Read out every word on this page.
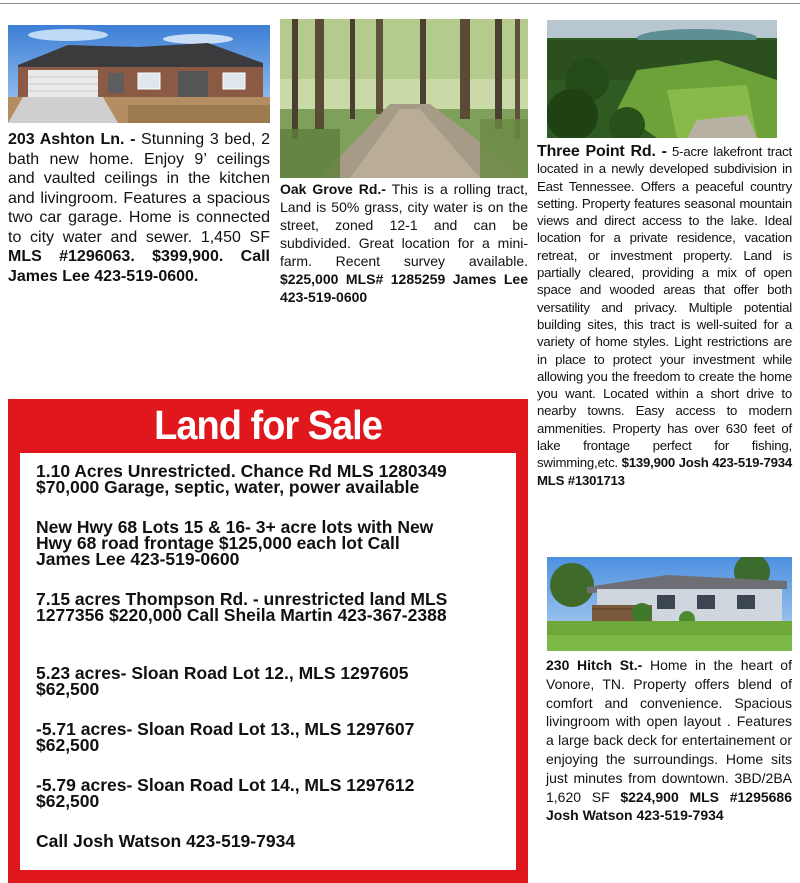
203 Ashton Ln. - Stunning 3 bed, 2 bath new home. Enjoy 9’ ceilings and vaulted ceilings in the kitchen and livingroom. Features a spacious two car garage. Home is connected to city water and sewer. 1,450 SF MLS #1296063. $399,900. Call James Lee 423-519-0600.
Oak Grove Rd.- This is a rolling tract, Land is 50% grass, city water is on the street, zoned 12-1 and can be subdivided. Great location for a mini-farm. Recent survey available. $225,000 MLS# 1285259 James Lee 423-519-0600
Three Point Rd. - 5-acre lakefront tract located in a newly developed subdivision in East Tennessee. Offers a peaceful country setting. Property features seasonal mountain views and direct access to the lake. Ideal location for a private residence, vacation retreat, or investment property. Land is partially cleared, providing a mix of open space and wooded areas that offer both versatility and privacy. Multiple potential building sites, this tract is well-suited for a variety of home styles. Light restrictions are in place to protect your investment while allowing you the freedom to create the home you want. Located within a short drive to nearby towns. Easy access to modern ammenities. Property has over 630 feet of lake frontage perfect for fishing, swimming,etc. $139,900 Josh 423-519-7934 MLS #1301713
230 Hitch St.- Home in the heart of Vonore, TN. Property offers blend of comfort and convenience. Spacious livingroom with open layout . Features a large back deck for entertainement or enjoying the surroundings. Home sits just minutes from downtown. 3BD/2BA 1,620 SF $224,900 MLS #1295686 Josh Watson 423-519-7934
Land for Sale
1.10 Acres Unrestricted. Chance Rd MLS 1280349
$70,000 Garage, septic, water, power available
New Hwy 68 Lots 15 & 16- 3+ acre lots with New
Hwy 68 road frontage $125,000 each lot Call
James Lee 423-519-0600
7.15 acres Thompson Rd. - unrestricted land MLS
1277356 $220,000 Call Sheila Martin 423-367-2388
5.23 acres- Sloan Road Lot 12., MLS 1297605
$62,500
-5.71 acres- Sloan Road Lot 13., MLS 1297607
$62,500
-5.79 acres- Sloan Road Lot 14., MLS 1297612
$62,500
Call Josh Watson 423-519-7934
